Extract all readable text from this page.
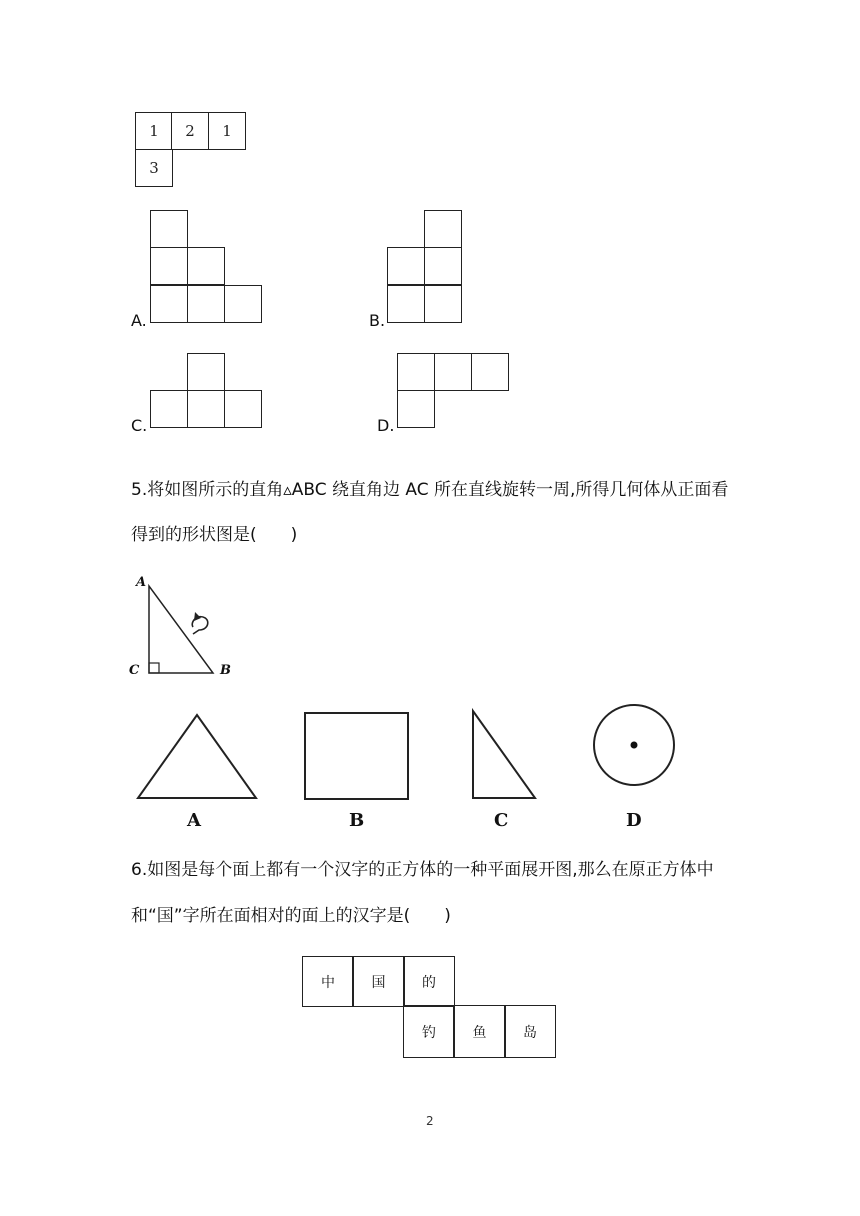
1	2	1
3
A.	B.
C.	D.
5.将如图所示的直角▵ABC 绕直角边 AC 所在直线旋转一周,所得几何体从正面看
得到的形状图是(　　)
A
C	B
A	B	C	D
6.如图是每个面上都有一个汉字的正方体的一种平面展开图,那么在原正方体中
和“国”字所在面相对的面上的汉字是(　　)
中	国	的
钓	鱼	岛
2
